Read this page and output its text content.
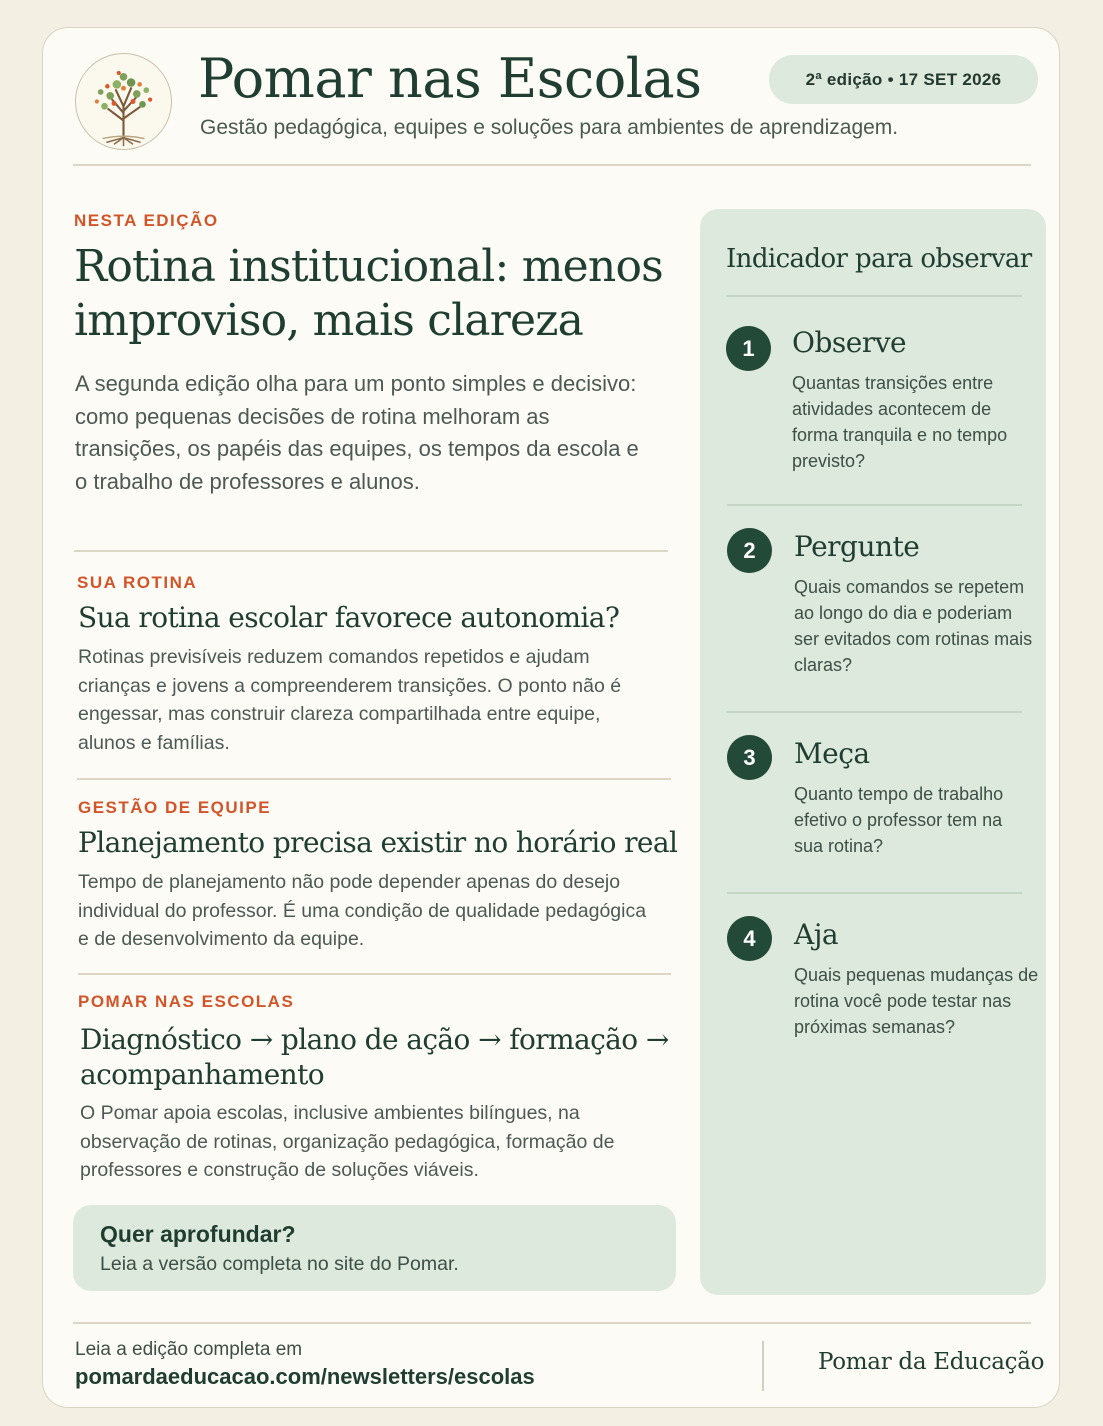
Pomar nas Escolas
Gestão pedagógica, equipes e soluções para ambientes de aprendizagem.
2ª edição • 17 SET 2026
NESTA EDIÇÃO
Rotina institucional: menos
improviso, mais clareza

A segunda edição olha para um ponto simples e decisivo: como pequenas decisões de rotina melhoram as transições, os papéis das equipes, os tempos da escola e o trabalho de professores e alunos.

SUA ROTINA
Sua rotina escolar favorece autonomia?

Rotinas previsíveis reduzem comandos repetidos e ajudam crianças e jovens a compreenderem transições. O ponto não é engessar, mas construir clareza compartilhada entre equipe, alunos e famílias.

GESTÃO DE EQUIPE
Planejamento precisa existir no horário real

Tempo de planejamento não pode depender apenas do desejo individual do professor. É uma condição de qualidade pedagógica e de desenvolvimento da equipe.

POMAR NAS ESCOLAS
Diagnóstico → plano de ação → formação → acompanhamento

O Pomar apoia escolas, inclusive ambientes bilíngues, na observação de rotinas, organização pedagógica, formação de professores e construção de soluções viáveis.

Quer aprofundar?
Leia a versão completa no site do Pomar.
Indicador para observar
1	Observe

Quantas transições entre atividades acontecem de forma tranquila e no tempo previsto?

2	Pergunte

Quais comandos se repetem ao longo do dia e poderiam ser evitados com rotinas mais claras?

3	Meça

Quanto tempo de trabalho efetivo o professor tem na sua rotina?

4	Aja

Quais pequenas mudanças de rotina você pode testar nas próximas semanas?

Leia a edição completa em
pomardaeducacao.com/newsletters/escolas
Pomar da Educação
